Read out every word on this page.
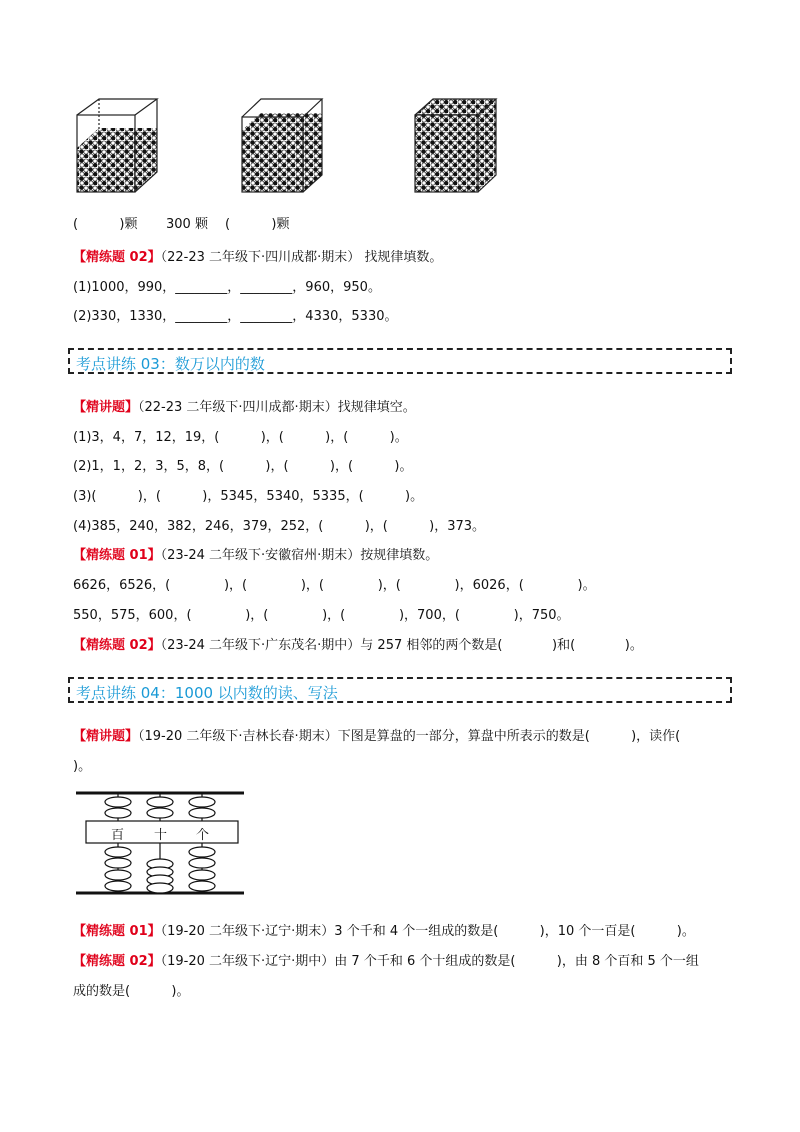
(          )颗 300 颗 (          )颗
【精练题 02】（22-23 二年级下·四川成都·期末） 找规律填数。
(1)1000，990，________，________，960，950。
(2)330，1330，________，________，4330，5330。
考点讲练 03：数万以内的数
【精讲题】（22-23 二年级下·四川成都·期末）找规律填空。
(1)3，4，7，12，19，(          )，(          )，(          )。
(2)1，1，2，3，5，8，(          )，(          )，(          )。
(3)(          )，(          )，5345，5340，5335，(          )。
(4)385，240，382，246，379，252，(          )，(          )，373。
【精练题 01】（23-24 二年级下·安徽宿州·期末）按规律填数。
6626，6526，(             )，(             )，(             )，(             )，6026，(             )。
550，575，600，(             )，(             )，(             )，700，(             )，750。
【精练题 02】（23-24 二年级下·广东茂名·期中）与 257 相邻的两个数是(            )和(            )。
考点讲练 04：1000 以内数的读、写法
【精讲题】（19-20 二年级下·吉林长春·期末）下图是算盘的一部分，算盘中所表示的数是(          )，读作(
)。
百 十 个
【精练题 01】（19-20 二年级下·辽宁·期末）3 个千和 4 个一组成的数是(          )，10 个一百是(          )。
【精练题 02】（19-20 二年级下·辽宁·期中）由 7 个千和 6 个十组成的数是(          )，由 8 个百和 5 个一组
成的数是(          )。
